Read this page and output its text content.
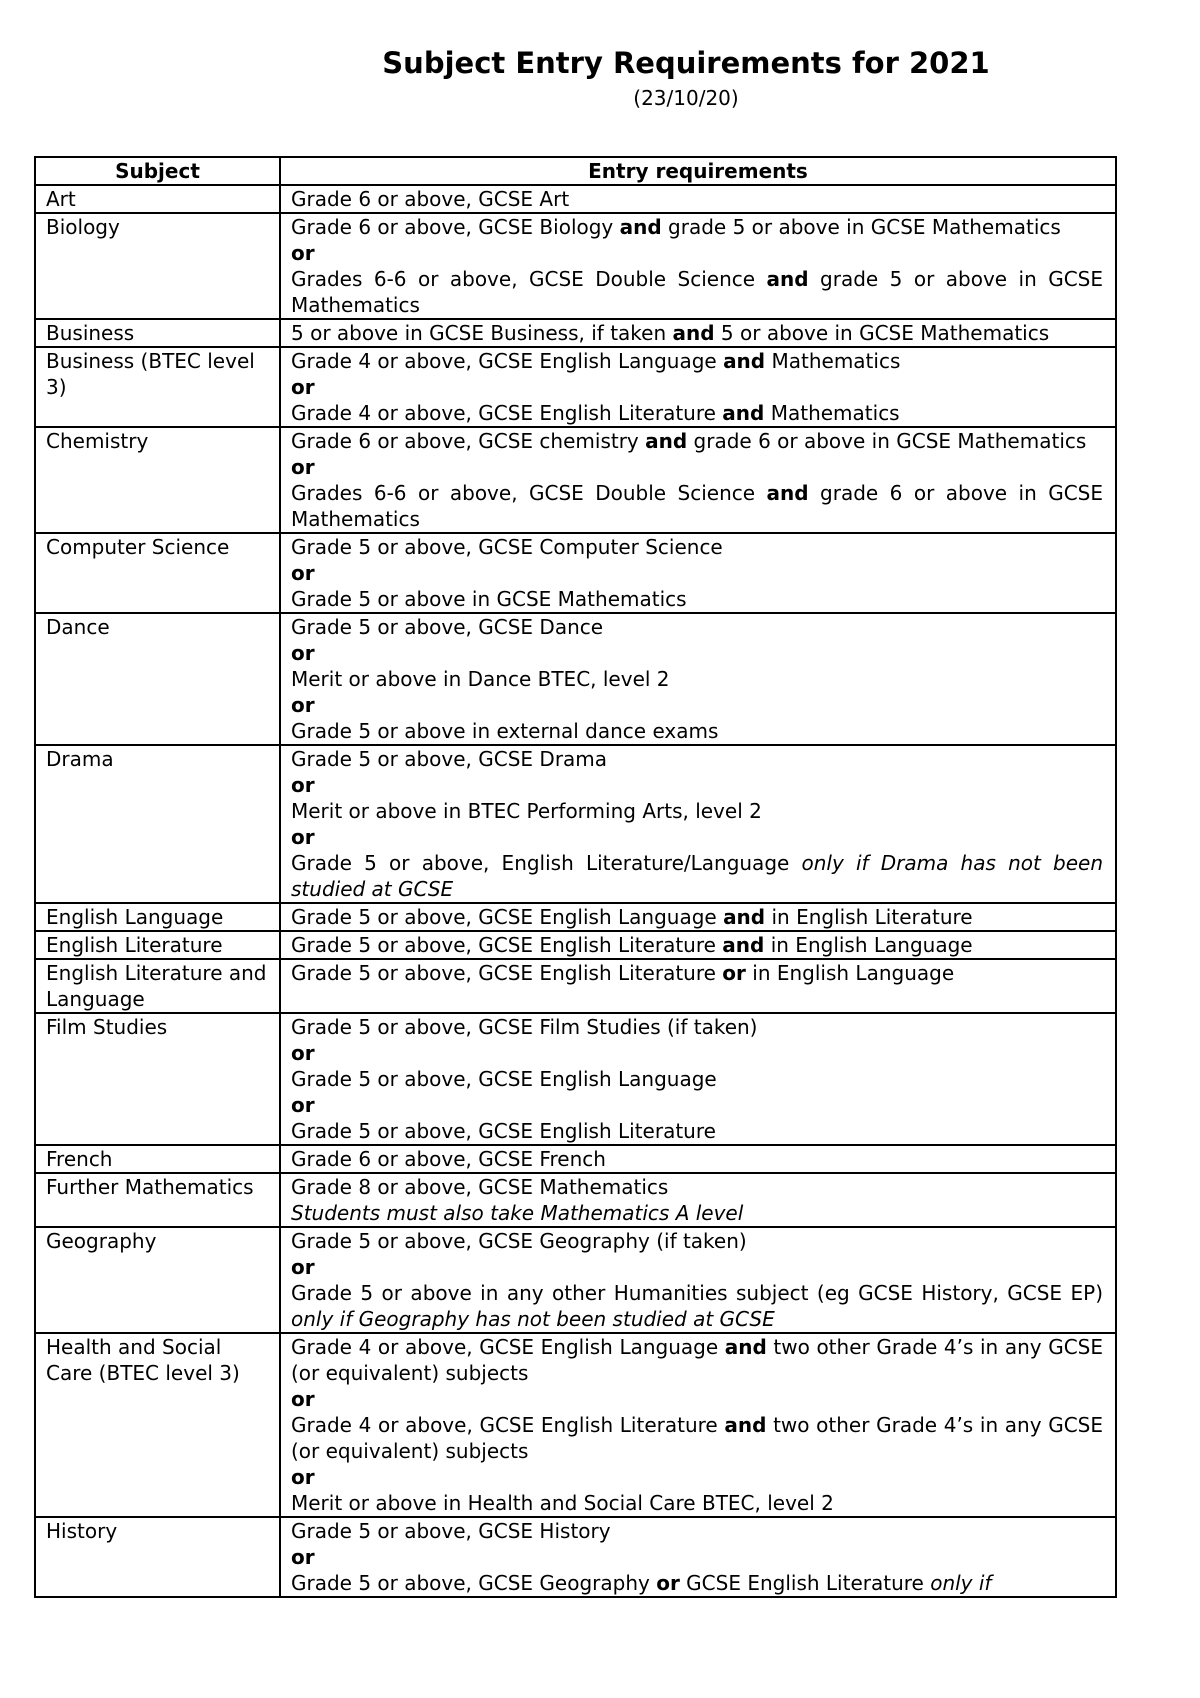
Subject Entry Requirements for 2021
(23/10/20)
Subject	Entry requirements
Art	Grade 6 or above, GCSE Art

Biology	Grade 6 or above, GCSE Biology and grade 5 or above in GCSE Mathematics
or
Grades 6-6 or above, GCSE Double Science and grade 5 or above in GCSE Mathematics

Business	5 or above in GCSE Business, if taken and 5 or above in GCSE Mathematics

Business (BTEC level 3)	Grade 4 or above, GCSE English Language and Mathematics
or
Grade 4 or above, GCSE English Literature and Mathematics

Chemistry	Grade 6 or above, GCSE chemistry and grade 6 or above in GCSE Mathematics
or
Grades 6-6 or above, GCSE Double Science and grade 6 or above in GCSE Mathematics

Computer Science	Grade 5 or above, GCSE Computer Science
or
Grade 5 or above in GCSE Mathematics

Dance	Grade 5 or above, GCSE Dance
or
Merit or above in Dance BTEC, level 2
or
Grade 5 or above in external dance exams

Drama	Grade 5 or above, GCSE Drama
or
Merit or above in BTEC Performing Arts, level 2
or
Grade 5 or above, English Literature/Language only if Drama has not been studied at GCSE

English Language	Grade 5 or above, GCSE English Language and in English Literature

English Literature	Grade 5 or above, GCSE English Literature and in English Language

English Literature and Language	Grade 5 or above, GCSE English Literature or in English Language

Film Studies	Grade 5 or above, GCSE Film Studies (if taken)
or
Grade 5 or above, GCSE English Language
or
Grade 5 or above, GCSE English Literature

French	Grade 6 or above, GCSE French

Further Mathematics	Grade 8 or above, GCSE Mathematics
Students must also take Mathematics A level

Geography	Grade 5 or above, GCSE Geography (if taken)
or
Grade 5 or above in any other Humanities subject (eg GCSE History, GCSE EP) only if Geography has not been studied at GCSE

Health and Social Care (BTEC level 3)	Grade 4 or above, GCSE English Language and two other Grade 4’s in any GCSE (or equivalent) subjects
or
Grade 4 or above, GCSE English Literature and two other Grade 4’s in any GCSE (or equivalent) subjects
or
Merit or above in Health and Social Care BTEC, level 2

History	Grade 5 or above, GCSE History
or
Grade 5 or above, GCSE Geography or GCSE English Literature only if
